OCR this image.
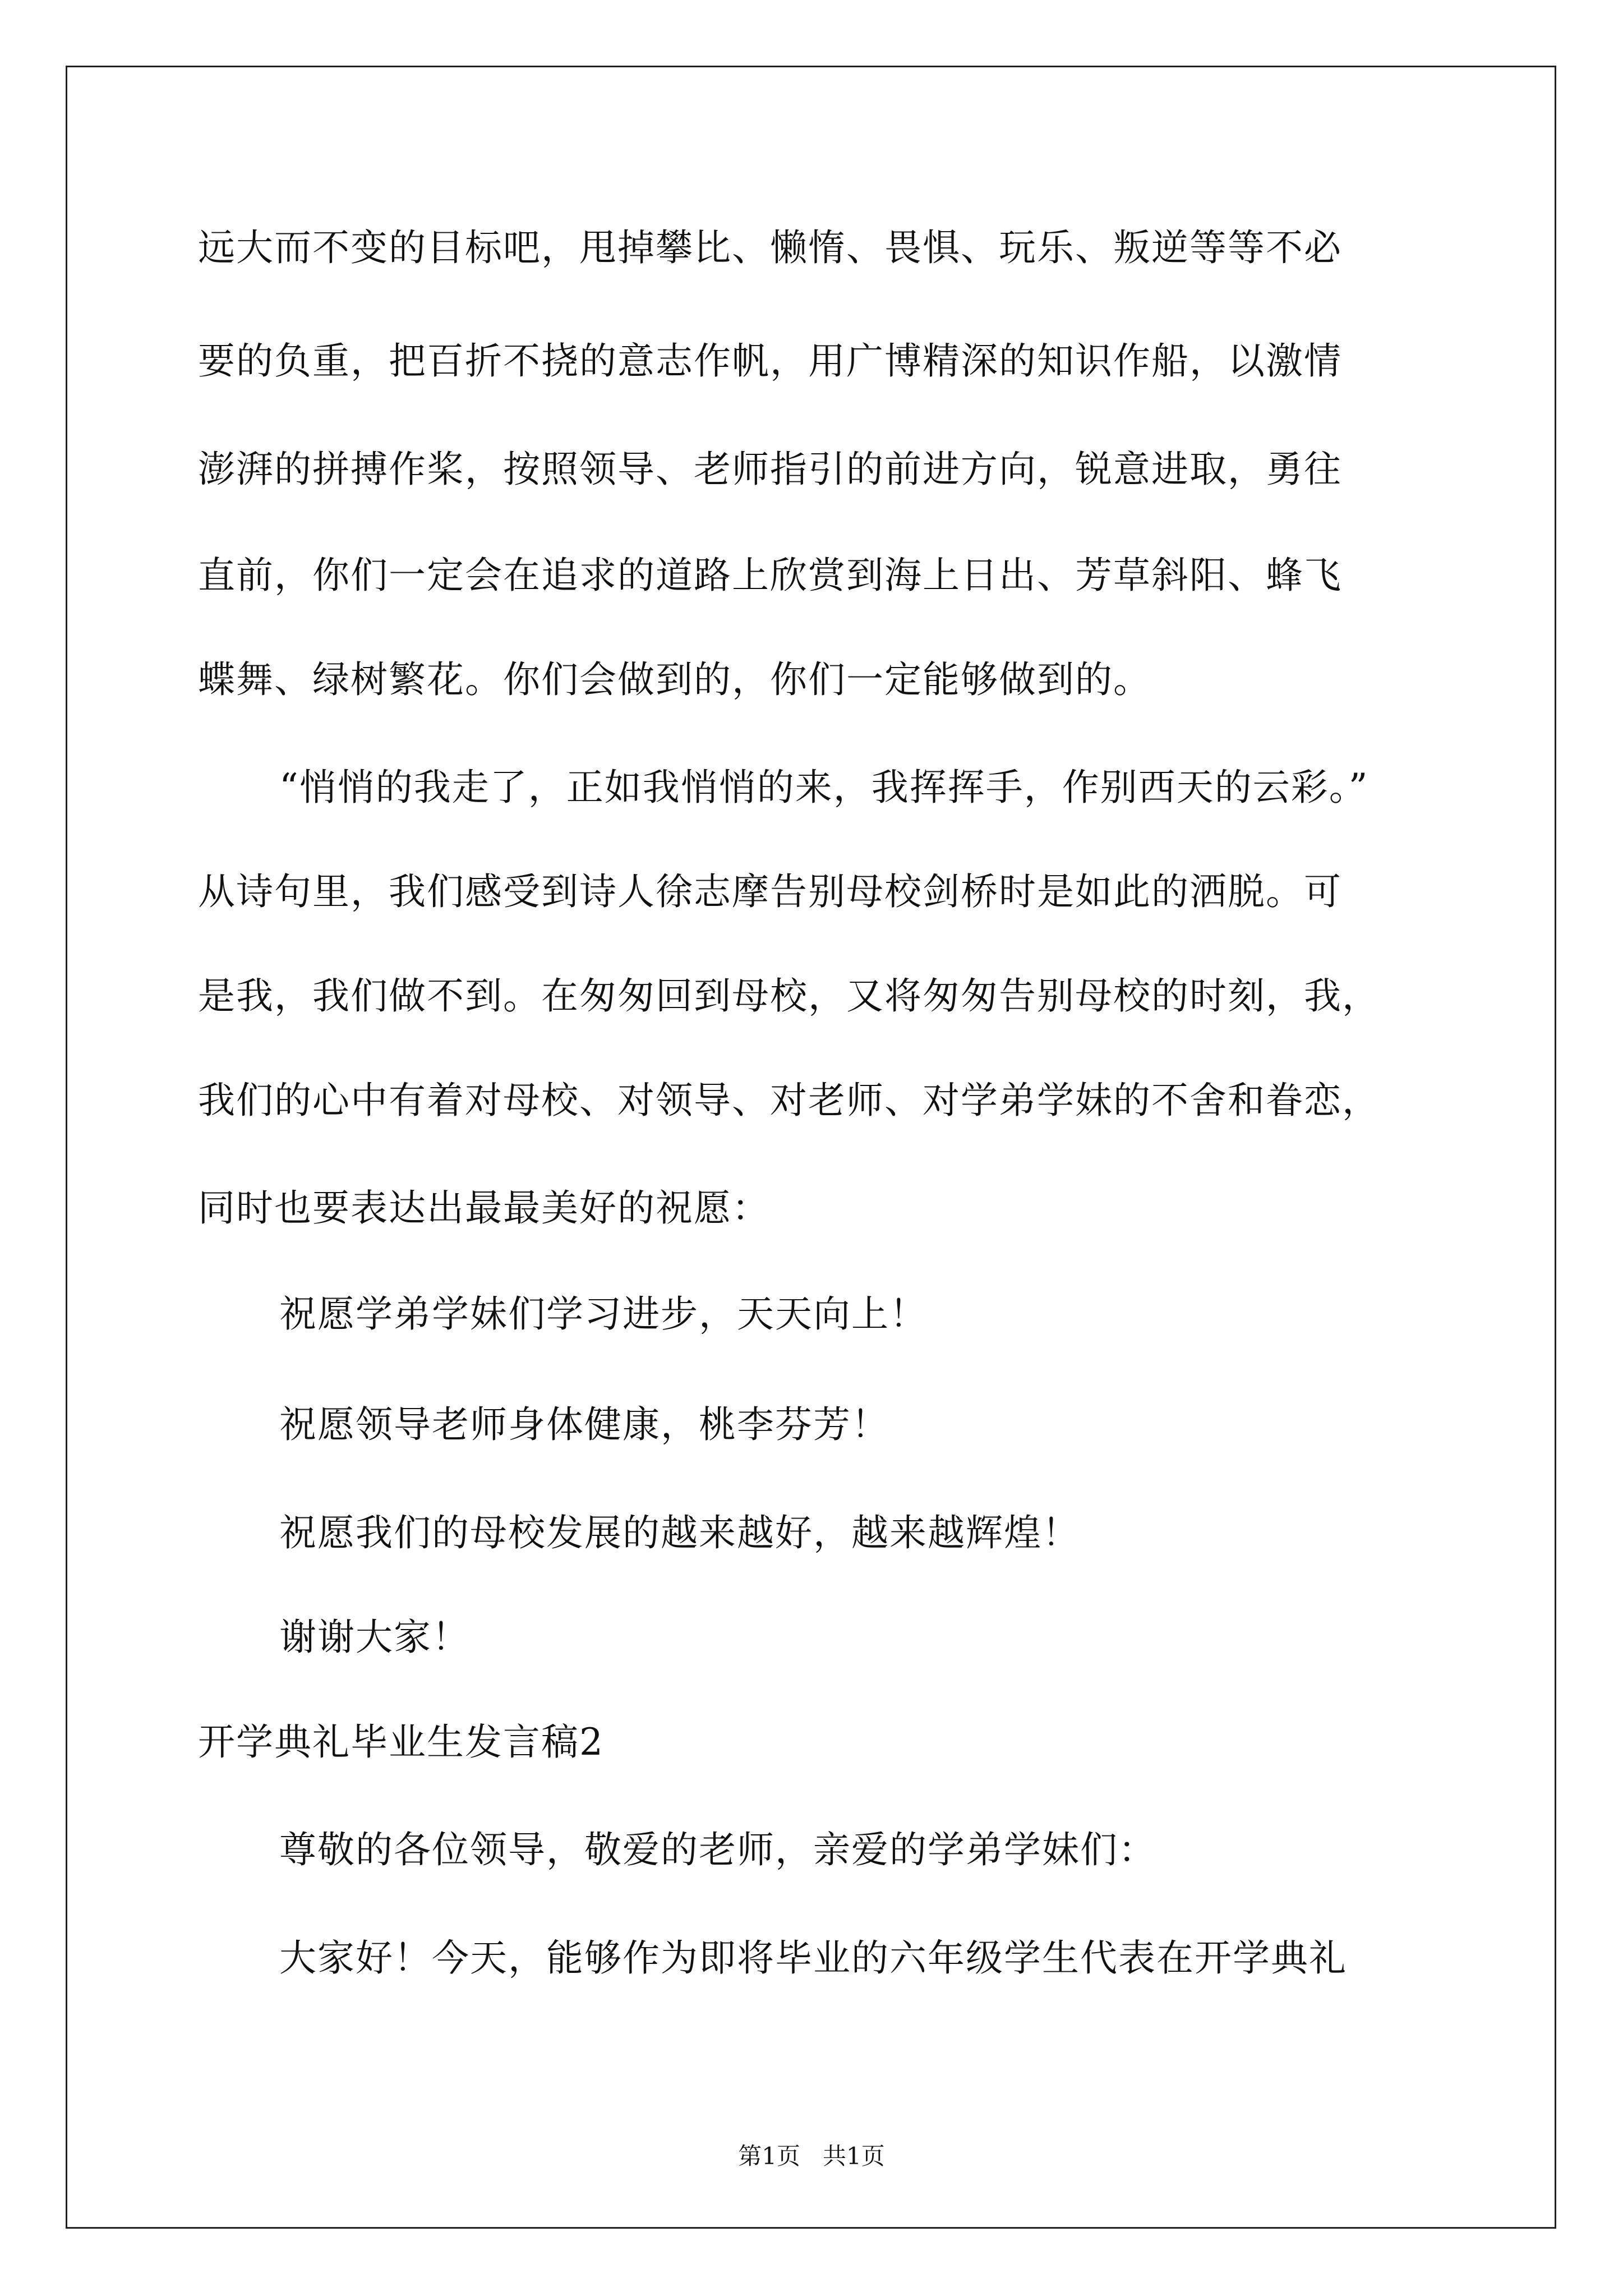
远大而不变的目标吧，甩掉攀比、懒惰、畏惧、玩乐、叛逆等等不必
要的负重，把百折不挠的意志作帆，用广博精深的知识作船，以激情
澎湃的拼搏作桨，按照领导、老师指引的前进方向，锐意进取，勇往
直前，你们一定会在追求的道路上欣赏到海上日出、芳草斜阳、蜂飞
蝶舞、绿树繁花。你们会做到的，你们一定能够做到的。
“悄悄的我走了，正如我悄悄的来，我挥挥手，作别西天的云彩。”
从诗句里，我们感受到诗人徐志摩告别母校剑桥时是如此的洒脱。可
是我，我们做不到。在匆匆回到母校，又将匆匆告别母校的时刻，我，
我们的心中有着对母校、对领导、对老师、对学弟学妹的不舍和眷恋，
同时也要表达出最最美好的祝愿：
祝愿学弟学妹们学习进步，天天向上！
祝愿领导老师身体健康，桃李芬芳！
祝愿我们的母校发展的越来越好，越来越辉煌！
谢谢大家！
开学典礼毕业生发言稿2
尊敬的各位领导，敬爱的老师，亲爱的学弟学妹们：
大家好！今天，能够作为即将毕业的六年级学生代表在开学典礼
第1页   共1页
